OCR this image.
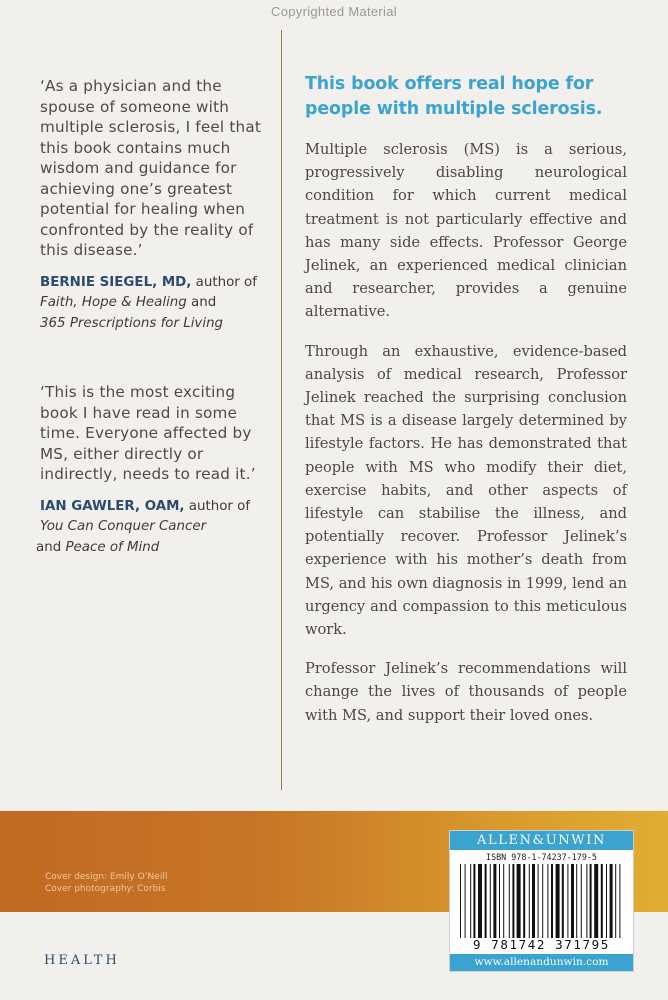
Copyrighted Material

‘As a physician and the spouse of someone with multiple sclerosis, I feel that this book contains much wisdom and guidance for achieving one’s greatest potential for healing when confronted by the reality of this disease.’

BERNIE SIEGEL, MD, author of
Faith, Hope & Healing and
365 Prescriptions for Living

‘This is the most exciting book I have read in some time. Everyone affected by MS, either directly or indirectly, needs to read it.’

IAN GAWLER, OAM, author of
You Can Conquer Cancer
and Peace of Mind

This book offers real hope for people with multiple sclerosis.

Multiple sclerosis (MS) is a serious, progressively disabling neurological condition for which current medical treatment is not particularly effective and has many side effects. Professor George Jelinek, an experienced medical clinician and researcher, provides a genuine alternative.

Through an exhaustive, evidence-based analysis of medical research, Professor Jelinek reached the surprising conclusion that MS is a disease largely determined by lifestyle factors. He has demonstrated that people with MS who modify their diet, exercise habits, and other aspects of lifestyle can stabilise the illness, and potentially recover. Professor Jelinek’s experience with his mother’s death from MS, and his own diagnosis in 1999, lend an urgency and compassion to this meticulous work.

Professor Jelinek’s recommendations will change the lives of thousands of people with MS, and support their loved ones.

Cover design: Emily O’Neill
Cover photography: Corbis
HEALTH
ALLEN&UNWIN
ISBN 978-1-74237-179-5
9 781742 371795
www.allenandunwin.com
